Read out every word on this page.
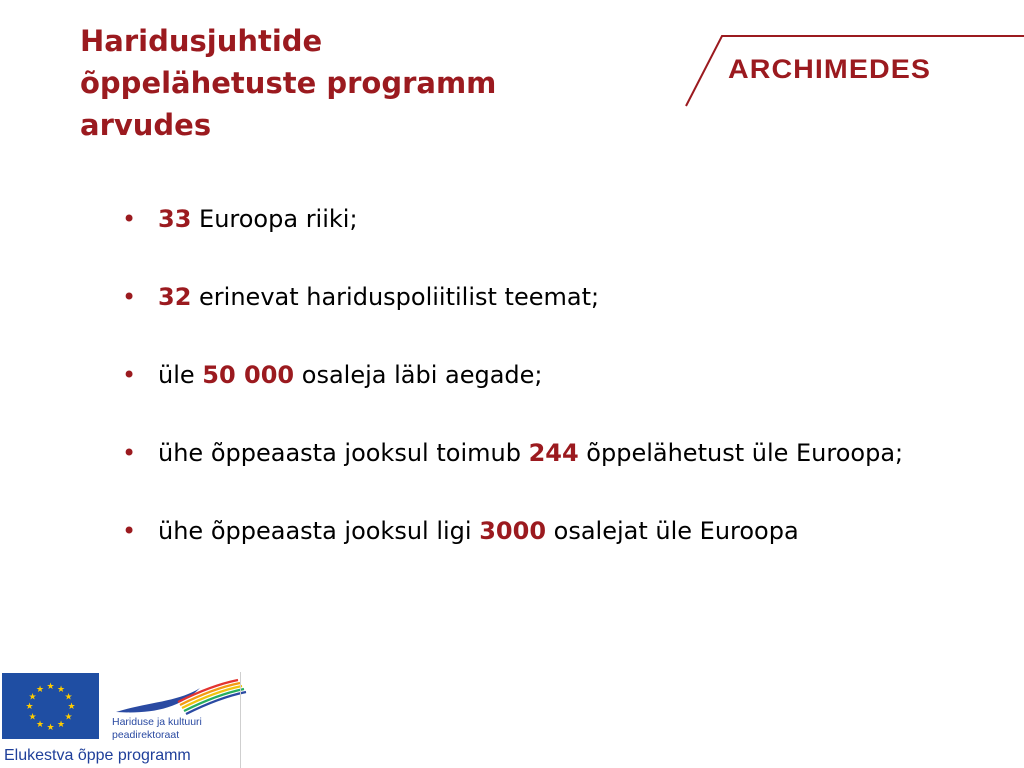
Haridusjuhtide
õppelähetuste programm
arvudes
ARCHIMEDES
• 33 Euroopa riiki;
• 32 erinevat hariduspoliitilist teemat;
• üle 50 000 osaleja läbi aegade;
• ühe õppeaasta jooksul toimub 244 õppelähetust üle Euroopa;
• ühe õppeaasta jooksul ligi 3000 osalejat üle Euroopa
★ ★
★
★
★
★
★
★
★
★
★
★
Hariduse ja kultuuri
peadirektoraat
Elukestva õppe programm
